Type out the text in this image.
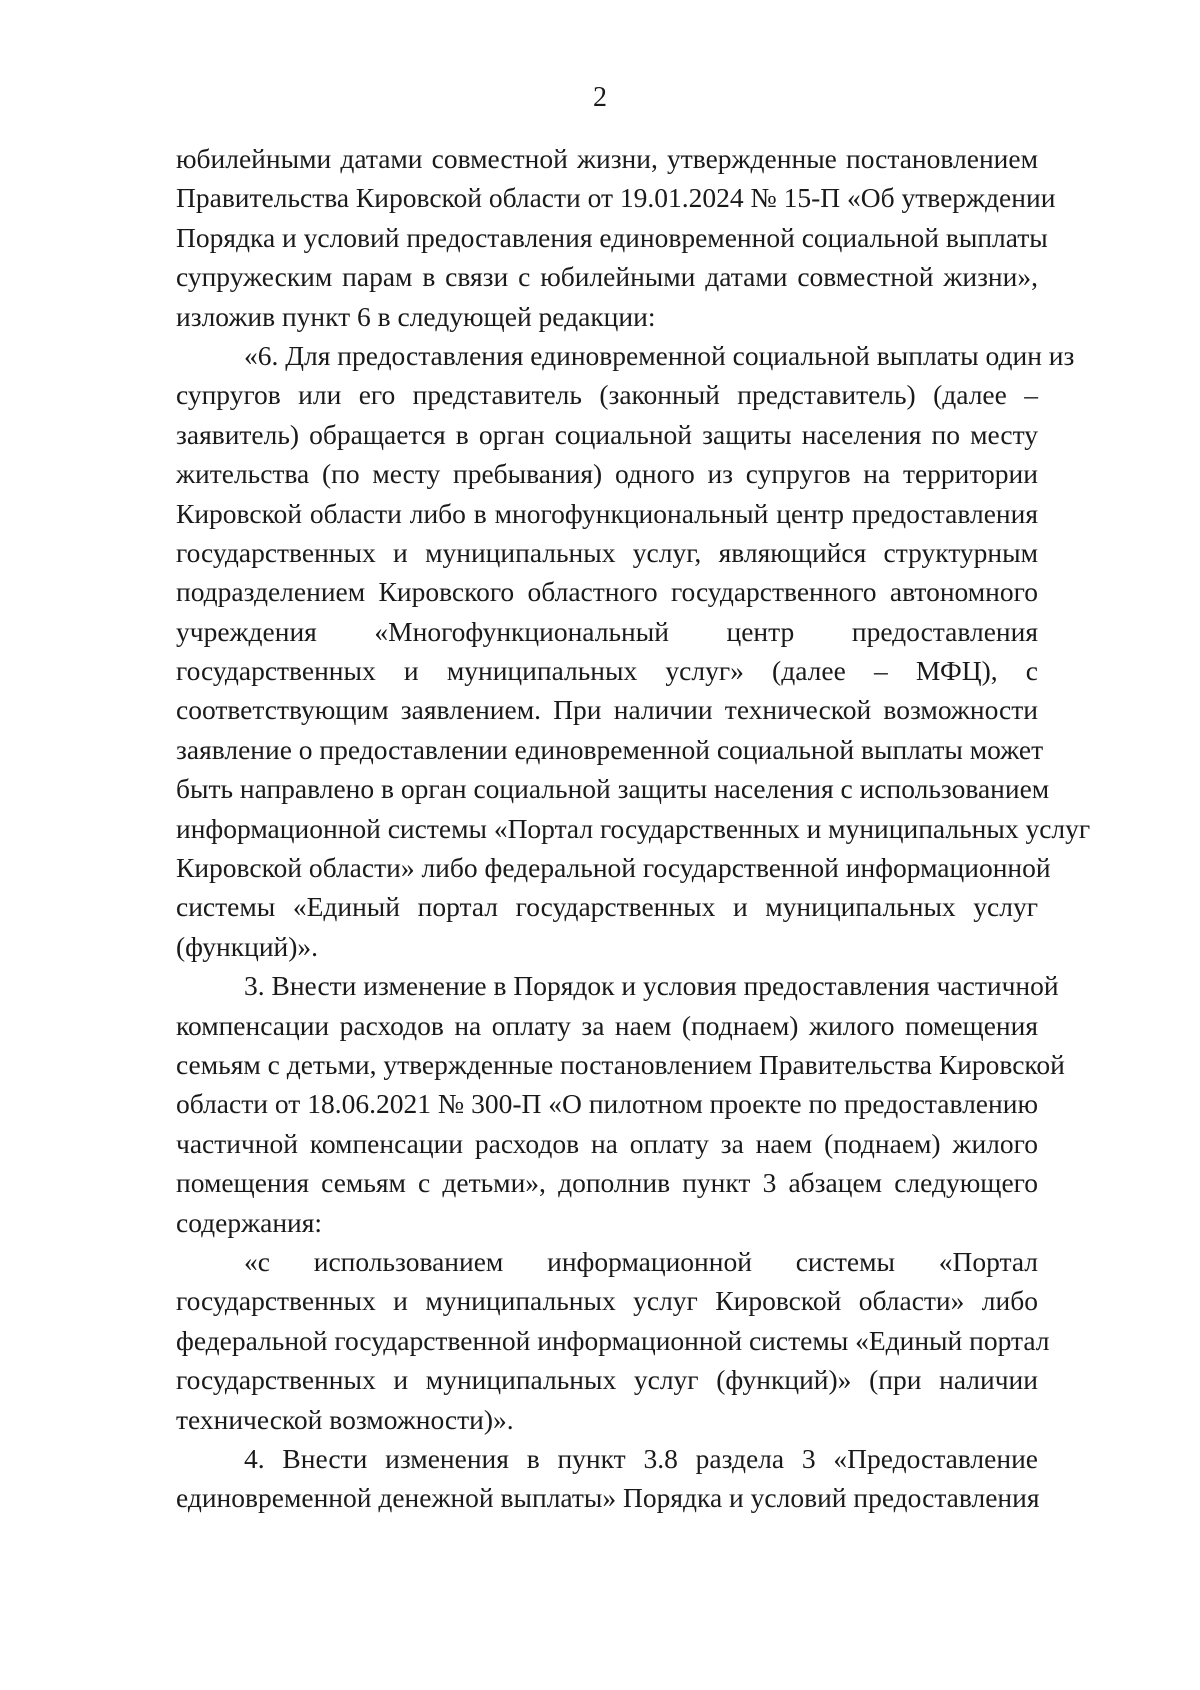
2
юбилейными датами совместной жизни, утвержденные постановлением
Правительства Кировской области от 19.01.2024 № 15-П «Об утверждении
Порядка и условий предоставления единовременной социальной выплаты
супружеским парам в связи с юбилейными датами совместной жизни»,
изложив пункт 6 в следующей редакции:
«6. Для предоставления единовременной социальной выплаты один из
супругов или его представитель (законный представитель) (далее –
заявитель) обращается в орган социальной защиты населения по месту
жительства (по месту пребывания) одного из супругов на территории
Кировской области либо в многофункциональный центр предоставления
государственных и муниципальных услуг, являющийся структурным
подразделением Кировского областного государственного автономного
учреждения «Многофункциональный центр предоставления
государственных и муниципальных услуг» (далее – МФЦ), с
соответствующим заявлением. При наличии технической возможности
заявление о предоставлении единовременной социальной выплаты может
быть направлено в орган социальной защиты населения с использованием
информационной системы «Портал государственных и муниципальных услуг
Кировской области» либо федеральной государственной информационной
системы «Единый портал государственных и муниципальных услуг
(функций)».
3. Внести изменение в Порядок и условия предоставления частичной
компенсации расходов на оплату за наем (поднаем) жилого помещения
семьям с детьми, утвержденные постановлением Правительства Кировской
области от 18.06.2021 № 300-П «О пилотном проекте по предоставлению
частичной компенсации расходов на оплату за наем (поднаем) жилого
помещения семьям с детьми», дополнив пункт 3 абзацем следующего
содержания:
«с использованием информационной системы «Портал
государственных и муниципальных услуг Кировской области» либо
федеральной государственной информационной системы «Единый портал
государственных и муниципальных услуг (функций)» (при наличии
технической возможности)».
4. Внести изменения в пункт 3.8 раздела 3 «Предоставление
единовременной денежной выплаты» Порядка и условий предоставления
